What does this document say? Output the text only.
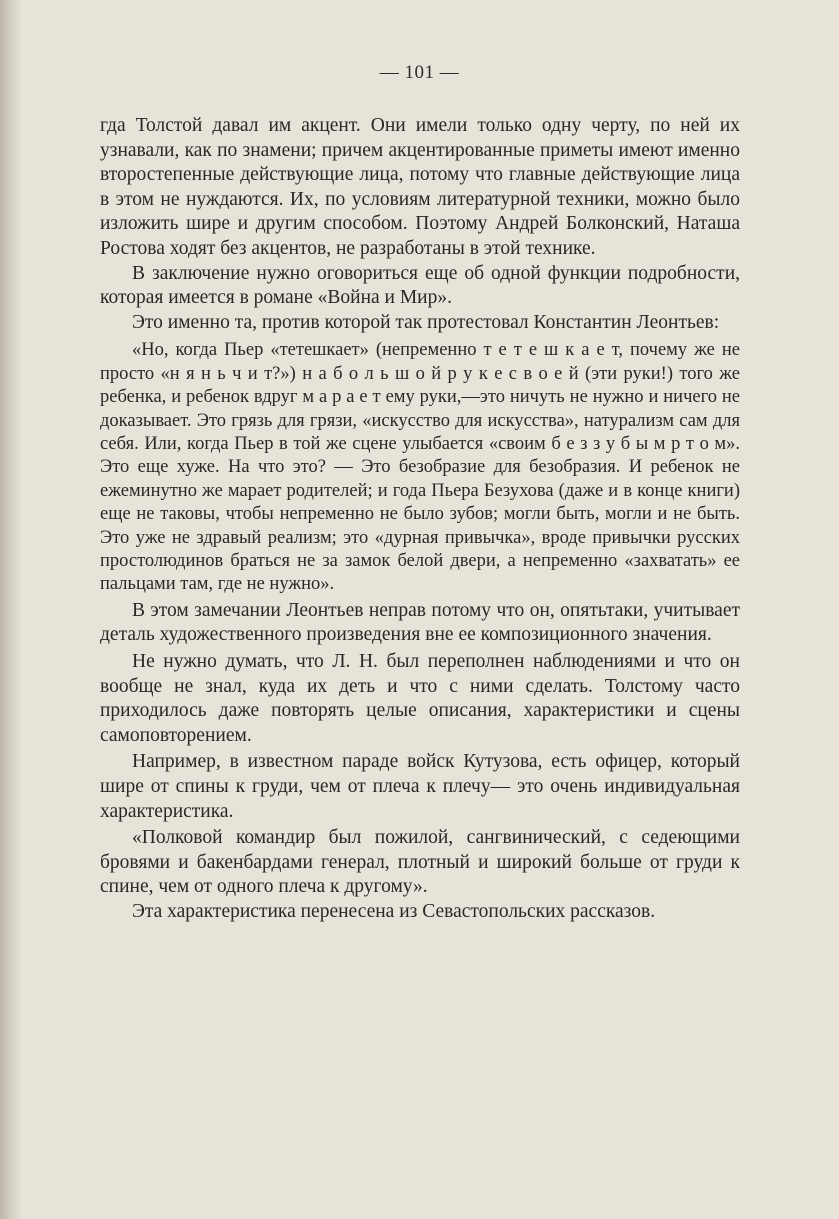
— 101 —

гда Толстой давал им акцент. Они имели только одну черту, по ней их узнавали, как по знамени; причем акцентированные приметы имеют именно второстепенные действующие лица, потому что главные действующие лица в этом не нуждаются. Их, по условиям литературной техники, можно было изложить шире и другим способом. Поэтому Андрей Болконский, Наташа Ростова ходят без акцентов, не разработаны в этой технике.

В заключение нужно оговориться еще об одной функции подробности, которая имеется в романе «Война и Мир».

Это именно та, против которой так протестовал Константин Леонтьев:

«Но, когда Пьер «тетешкает» (непременно т е т е ш к а е т, почему же не просто «н я н ь ч и т?») н а б о л ь ш о й р у к е с в о е й (эти руки!) того же ребенка, и ребенок вдруг м а р а е т ему руки,—это ничуть не нужно и ничего не доказывает. Это грязь для грязи, «искусство для искусства», натурализм сам для себя. Или, когда Пьер в той же сцене улыбается «своим б е з з у б ы м р т о м». Это еще хуже. На что это? — Это безобразие для безобразия. И ребенок не ежеминутно же марает родителей; и года Пьера Безухова (даже и в конце книги) еще не таковы, чтобы непременно не было зубов; могли быть, могли и не быть. Это уже не здравый реализм; это «дурная привычка», вроде привычки русских простолюдинов браться не за замок белой двери, а непременно «захватать» ее пальцами там, где не нужно».

В этом замечании Леонтьев неправ потому что он, опятьтаки, учитывает деталь художественного произведения вне ее композиционного значения.

Не нужно думать, что Л. Н. был переполнен наблюдениями и что он вообще не знал, куда их деть и что с ними сделать. Толстому часто приходилось даже повторять целые описания, характеристики и сцены самоповторением.

Например, в известном параде войск Кутузова, есть офицер, который шире от спины к груди, чем от плеча к плечу— это очень индивидуальная характеристика.

«Полковой командир был пожилой, сангвинический, с седеющими бровями и бакенбардами генерал, плотный и широкий больше от груди к спине, чем от одного плеча к другому».

Эта характеристика перенесена из Севастопольских рассказов.
